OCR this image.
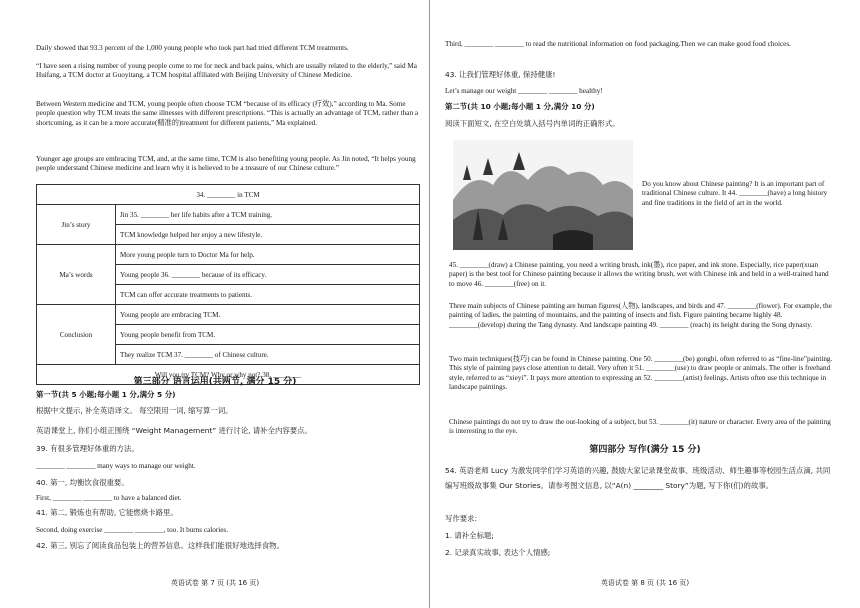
Daily showed that 93.3 percent of the 1,000 young people who took part had tried different TCM treatments.

“I have seen a rising number of young people come to me for neck and back pains, which are usually related to the elderly,” said Ma Huifang, a TCM doctor at Guoyitang, a TCM hospital affiliated with Beijing University of Chinese Medicine.

Between Western medicine and TCM, young people often choose TCM “because of its efficacy (疗效),” according to Ma. Some people question why TCM treats the same illnesses with different prescriptions. “This is actually an advantage of TCM, rather than a shortcoming, as it can be a more accurate(精准的)treatment for different patients,” Ma explained.

Younger age groups are embracing TCM, and, at the same time, TCM is also benefiting young people. As Jin noted, “It helps young people understand Chinese medicine and learn why it is believed to be a treasure of our Chinese culture.”

34. ________ in TCM	
Jin’s story	Jin 35. ________ her life habits after a TCM training.
	TCM knowledge helped her enjoy a new lifestyle.
Ma’s words	More young people turn to Doctor Ma for help.
	Young people 36. ________ because of its efficacy.
	TCM can offer accurate treatments to patients.
Conclusion	Young people are embracing TCM.
	Young people benefit from TCM.
	They realize TCM 37. ________ of Chinese culture.
Will you try TCM? Why or why not? 38. ________	

第三部分 语言运用(共两节, 满分 15 分)

第一节(共 5 小题;每小题 1 分,满分 5 分)

根据中文提示, 补全英语译文。 每空限用一词, 缩写算一词。

英语课堂上, 你们小组正围绕 “Weight Management” 进行讨论, 请补全内容要点。

39. 有很多管理好体重的方法。

________ ________ many ways to manage our weight.

40. 第一, 均衡饮食很重要。

First, ________ ________ to have a balanced diet.

41. 第二, 锻炼也有帮助, 它能燃烧卡路里。

Second, doing exercise ________ ________, too. It burns calories.

42. 第三, 别忘了阅读食品包装上的营养信息。这样我们能很好地选择食物。

英语试卷 第 7 页 (共 16 页)

Third, ________ ________ to read the nutritional information on food packaging.Then we can make good food choices.

43. 让我们管理好体重, 保持健康!

Let’s manage our weight ________ ________ healthy!

第二节(共 10 小题;每小题 1 分,满分 10 分)

阅读下面短文, 在空白处填入括号内单词的正确形式。

Do you know about Chinese painting? It is an important part of traditional Chinese culture. It 44. ________(have) a long history and fine traditions in the field of art in the world.

45. ________(draw) a Chinese painting, you need a writing brush, ink(墨), rice paper, and ink stone. Especially, rice paper(xuan paper) is the best tool for Chinese painting because it allows the writing brush, wet with Chinese ink and held in a well-trained hand to move 46. ________(free) on it.

Three main subjects of Chinese painting are human figures(人物), landscapes, and birds and 47. ________(flower). For example, the painting of ladies, the painting of mountains, and the painting of insects and fish. Figure painting became highly 48. ________(develop) during the Tang dynasty. And landscape painting 49. ________ (reach) its height during the Song dynasty.

Two main techniques(技巧) can be found in Chinese painting. One 50. ________(be) gongbi, often referred to as “fine-line”painting. This style of painting pays close attention to detail. Very often it 51. ________(use) to draw people or animals. The other is freehand style, referred to as “xieyi”. It pays more attention to expressing an 52. ________(artist) feelings. Artists often use this technique in landscape paintings.

Chinese paintings do not try to draw the out-looking of a subject, but 53. ________(it) nature or character. Every area of the painting is interesting to the eye.

第四部分 写作(满分 15 分)

54. 英语老师 Lucy 为激发同学们学习英语的兴趣, 鼓励大家记录课堂故事、班级活动、师生趣事等校园生活点滴, 共同编写班级故事集 Our Stories。请参考图文信息, 以“A(n) ________ Story”为题, 写下你(们)的故事。

写作要求:

1. 请补全标题;

2. 记录真实故事, 表达个人情感;

英语试卷 第 8 页 (共 16 页)
